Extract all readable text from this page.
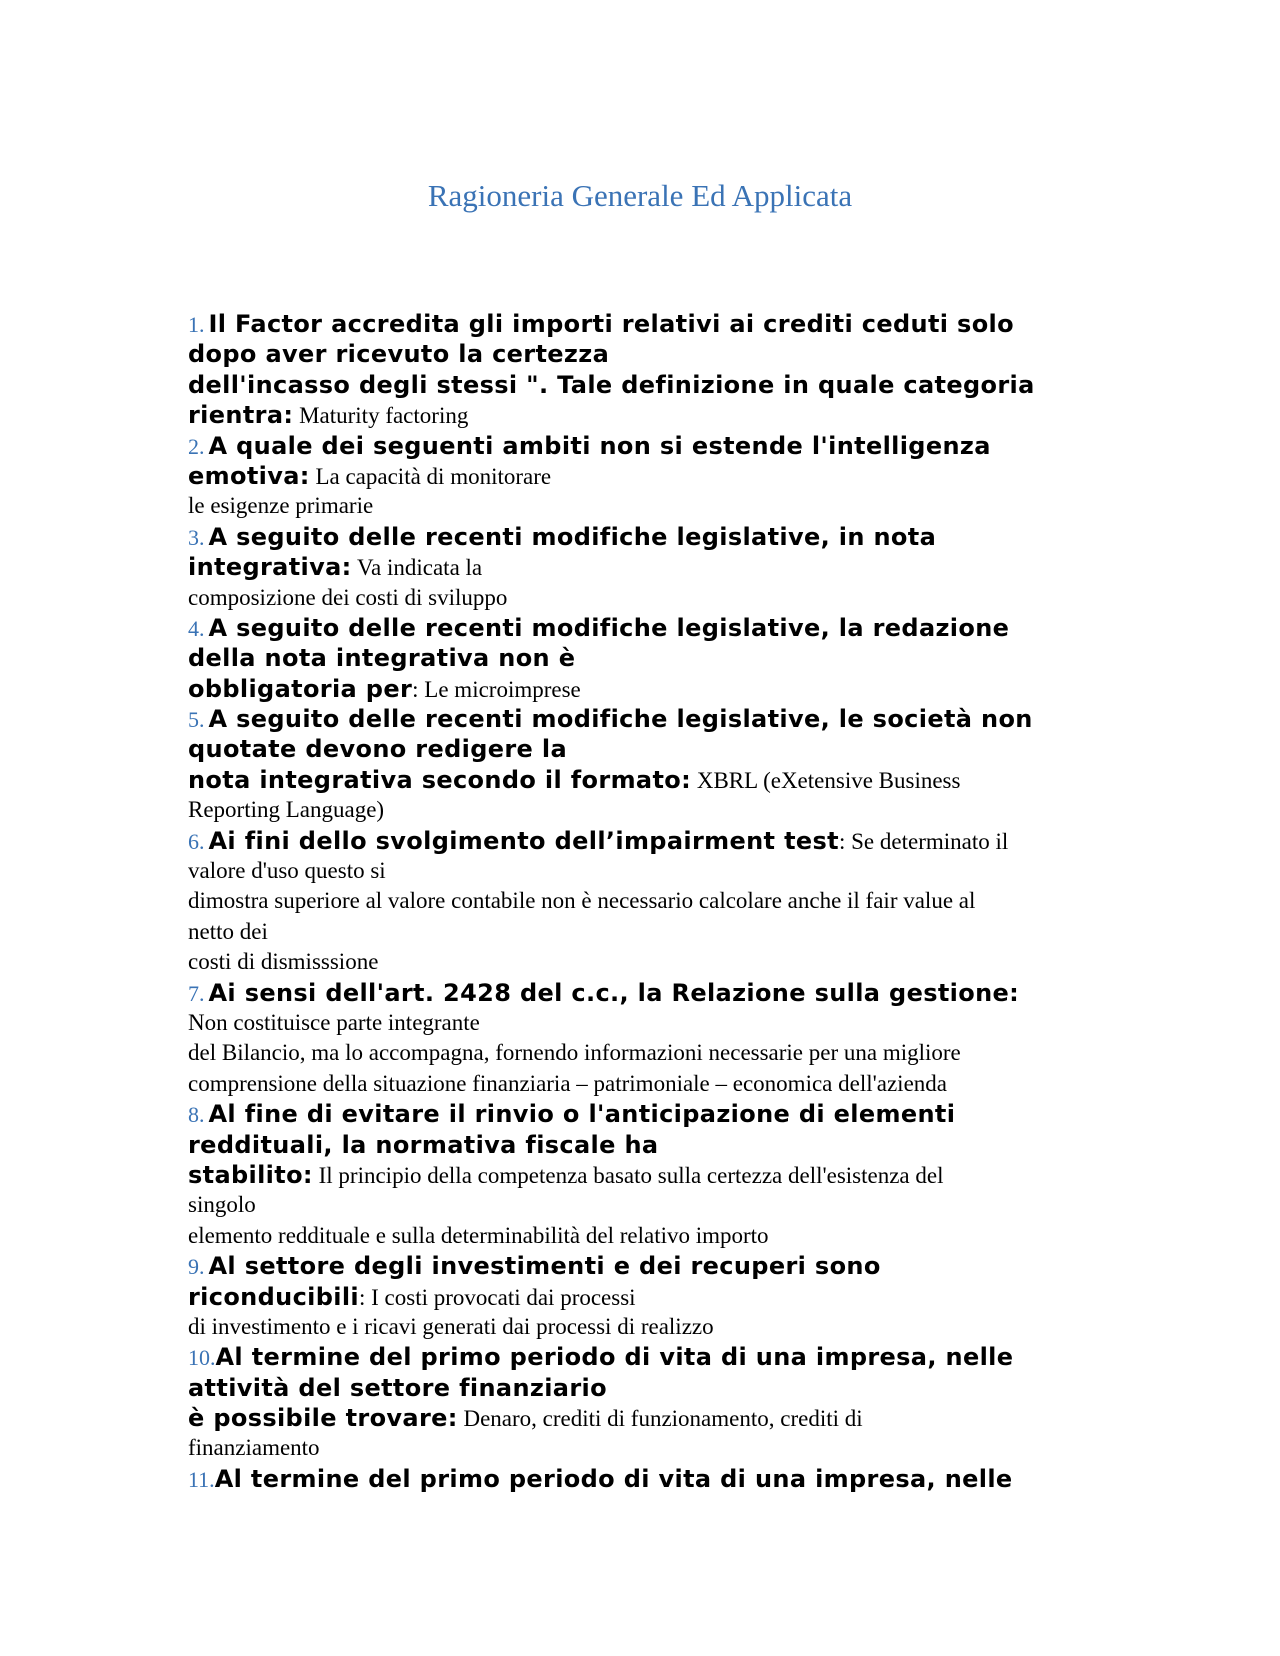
Ragioneria Generale Ed Applicata
1. Il Factor accredita gli importi relativi ai crediti ceduti solo
dopo aver ricevuto la certezza
dell'incasso degli stessi ". Tale definizione in quale categoria
rientra: Maturity factoring
2. A quale dei seguenti ambiti non si estende l'intelligenza
emotiva: La capacità di monitorare
le esigenze primarie
3. A seguito delle recenti modifiche legislative, in nota
integrativa: Va indicata la
composizione dei costi di sviluppo
4. A seguito delle recenti modifiche legislative, la redazione
della nota integrativa non è
obbligatoria per: Le microimprese
5. A seguito delle recenti modifiche legislative, le società non
quotate devono redigere la
nota integrativa secondo il formato: XBRL (eXetensive Business
Reporting Language)
6. Ai fini dello svolgimento dell’impairment test: Se determinato il
valore d'uso questo si
dimostra superiore al valore contabile non è necessario calcolare anche il fair value al
netto dei
costi di dismisssione
7. Ai sensi dell'art. 2428 del c.c., la Relazione sulla gestione:
Non costituisce parte integrante
del Bilancio, ma lo accompagna, fornendo informazioni necessarie per una migliore
comprensione della situazione finanziaria – patrimoniale – economica dell'azienda
8. Al fine di evitare il rinvio o l'anticipazione di elementi
reddituali, la normativa fiscale ha
stabilito: Il principio della competenza basato sulla certezza dell'esistenza del
singolo
elemento reddituale e sulla determinabilità del relativo importo
9. Al settore degli investimenti e dei recuperi sono
riconducibili: I costi provocati dai processi
di investimento e i ricavi generati dai processi di realizzo
10.Al termine del primo periodo di vita di una impresa, nelle
attività del settore finanziario
è possibile trovare: Denaro, crediti di funzionamento, crediti di
finanziamento
11.Al termine del primo periodo di vita di una impresa, nelle
